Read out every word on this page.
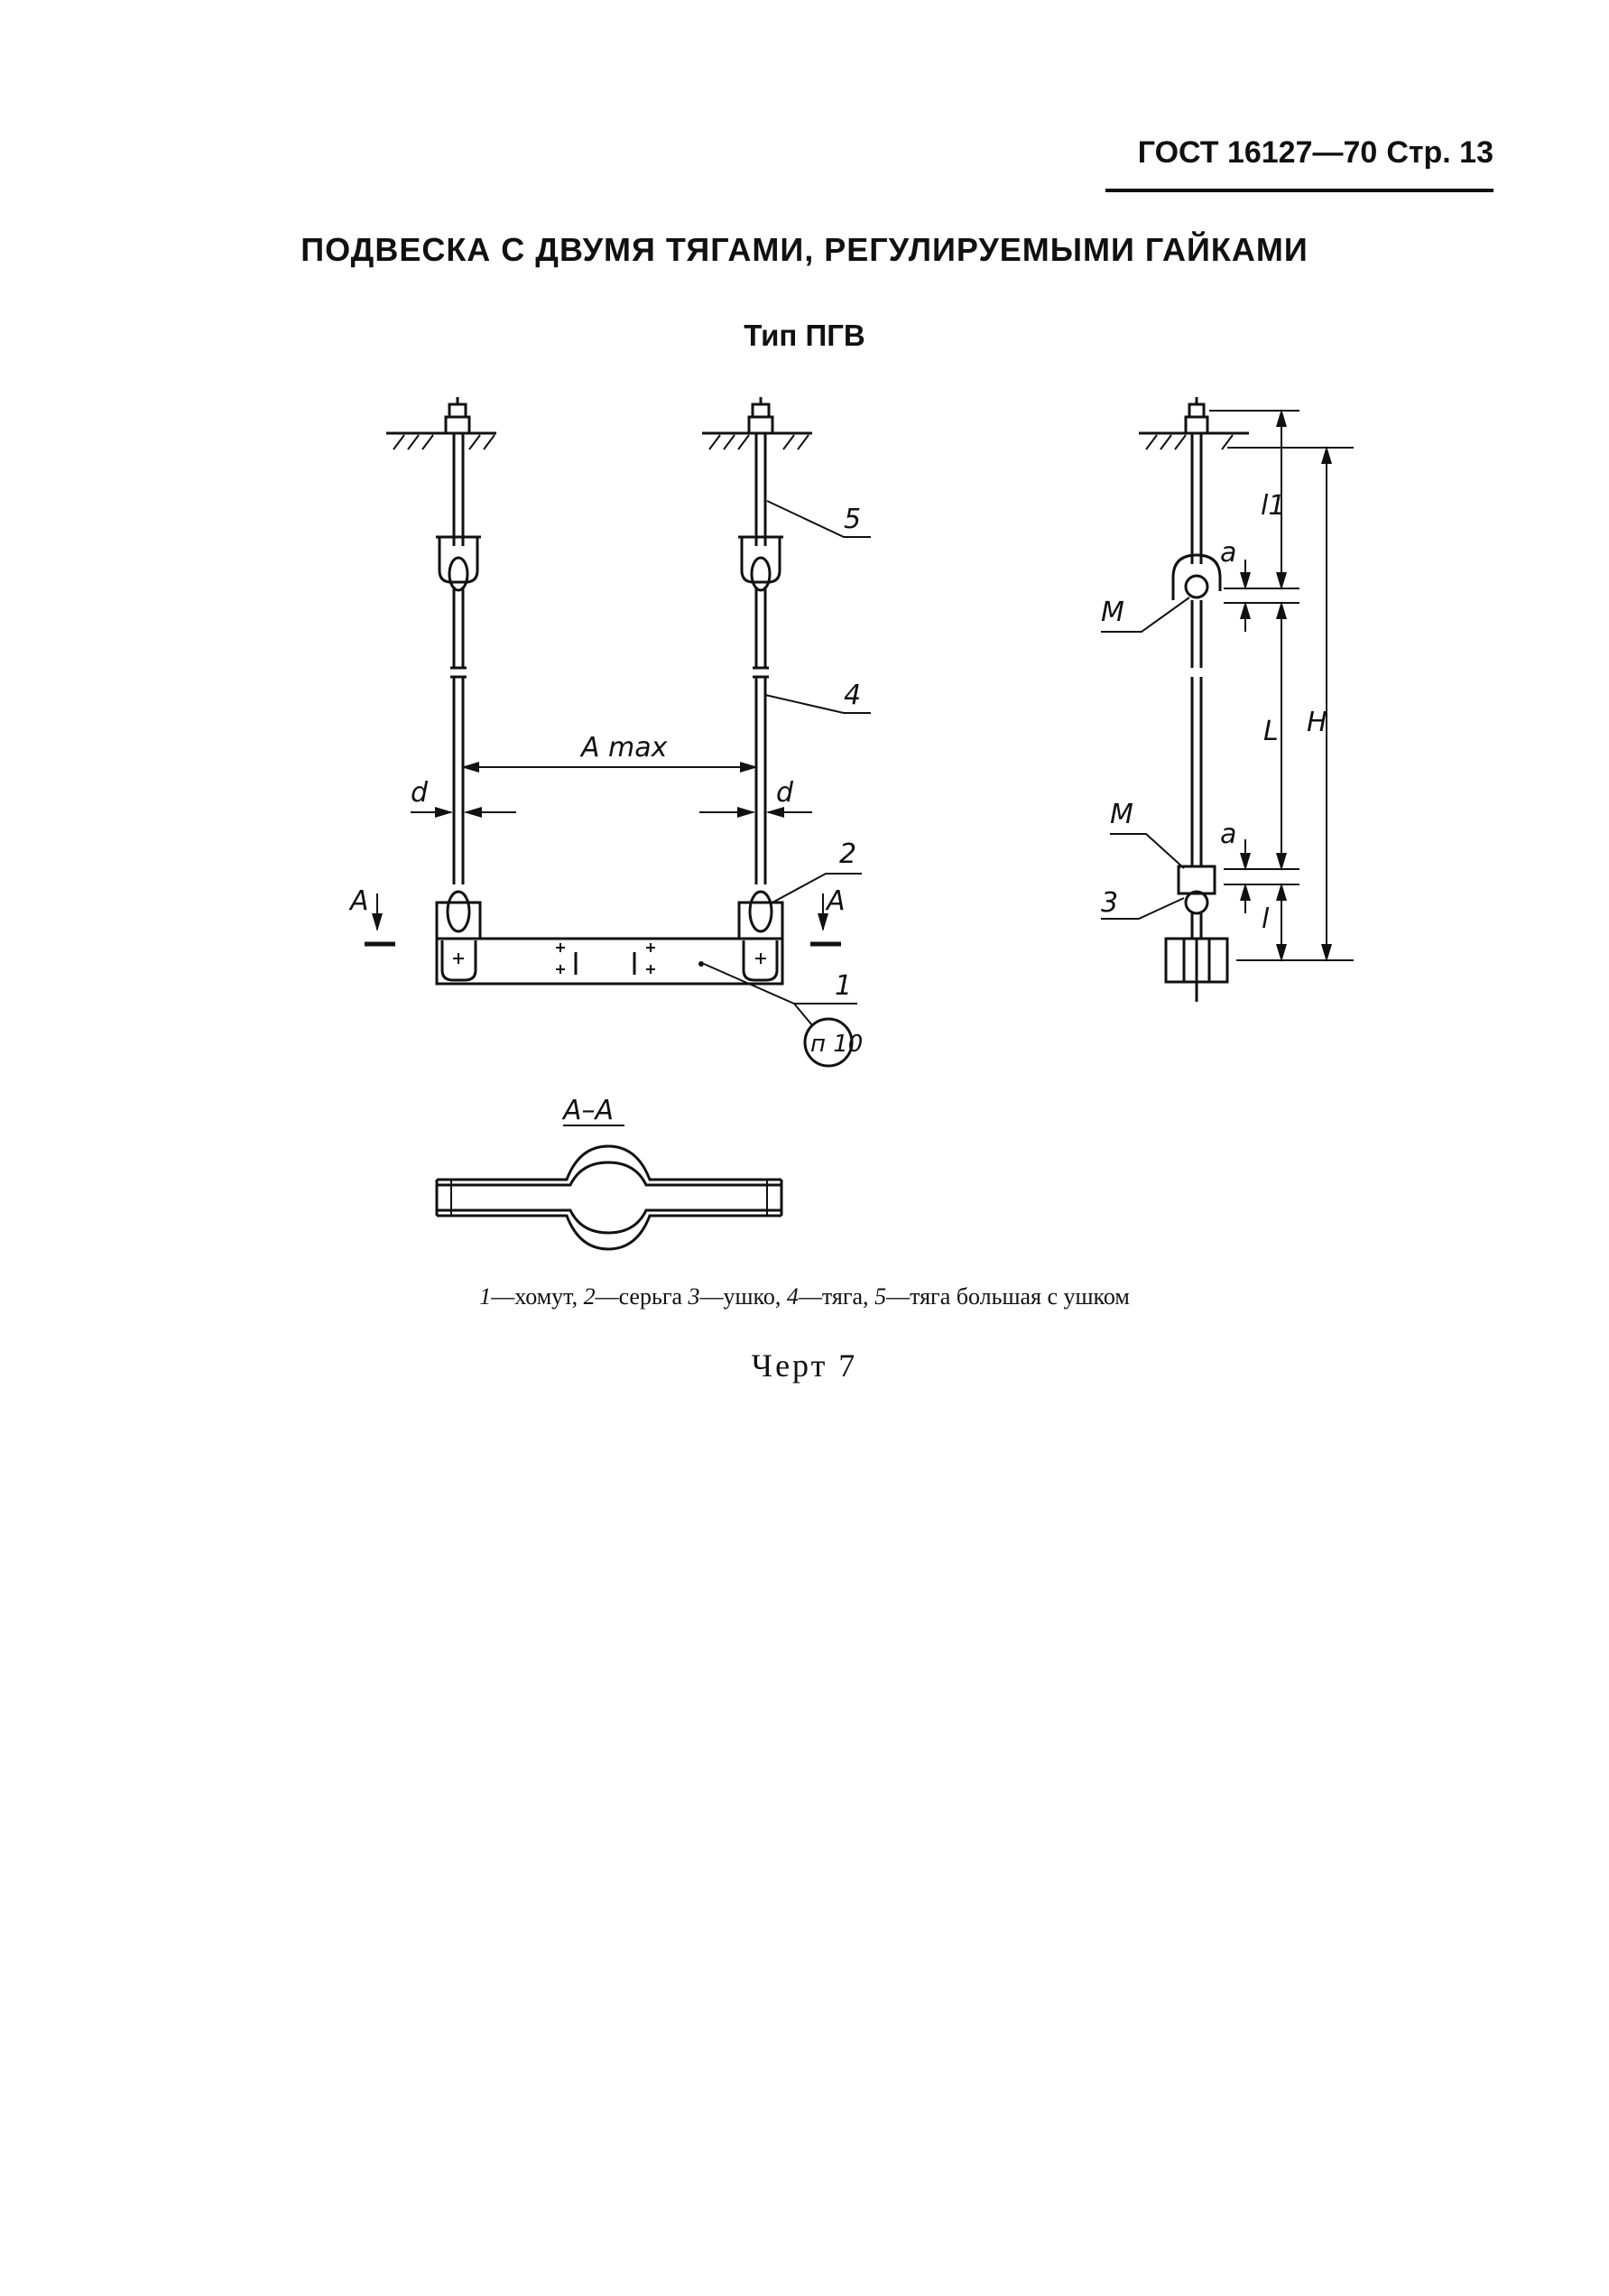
ГОСТ 16127—70 Стр. 13
ПОДВЕСКА С ДВУМЯ ТЯГАМИ, РЕГУЛИРУЕМЫМИ ГАЙКАМИ
Тип ПГВ
A max
d	d
A	A
5
4
2
1
п 10
M
M
3
l1
a
a
L H
l
A–A
1—хомут, 2—серьга 3—ушко, 4—тяга, 5—тяга большая с ушком
Черт 7
